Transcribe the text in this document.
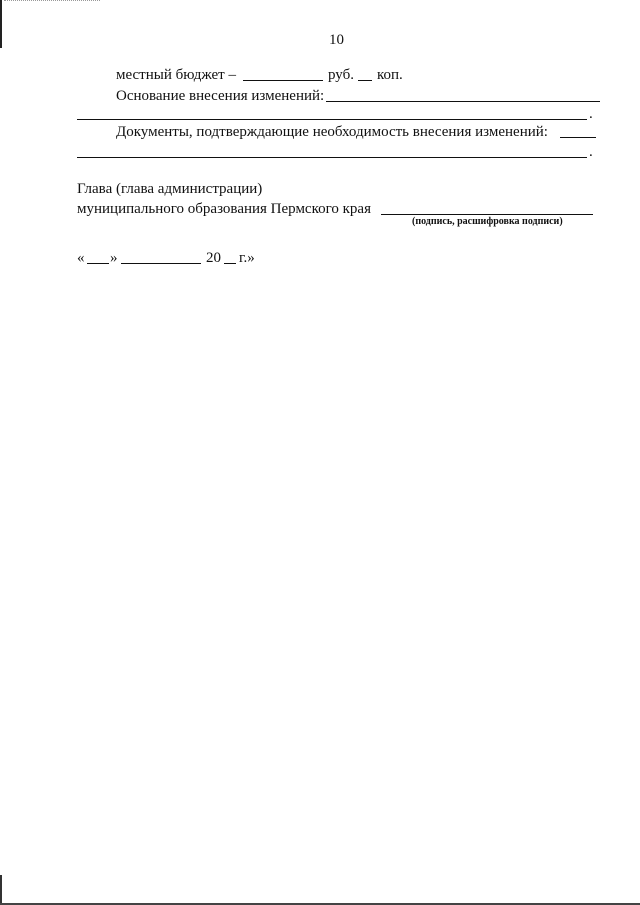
10
местный бюджет –	руб. коп.
Основание внесения изменений:
.
Документы, подтверждающие необходимость внесения изменений:
.
Глава (глава администрации)
муниципального образования Пермского края
(подпись, расшифровка подписи)
« »	20 г.»
